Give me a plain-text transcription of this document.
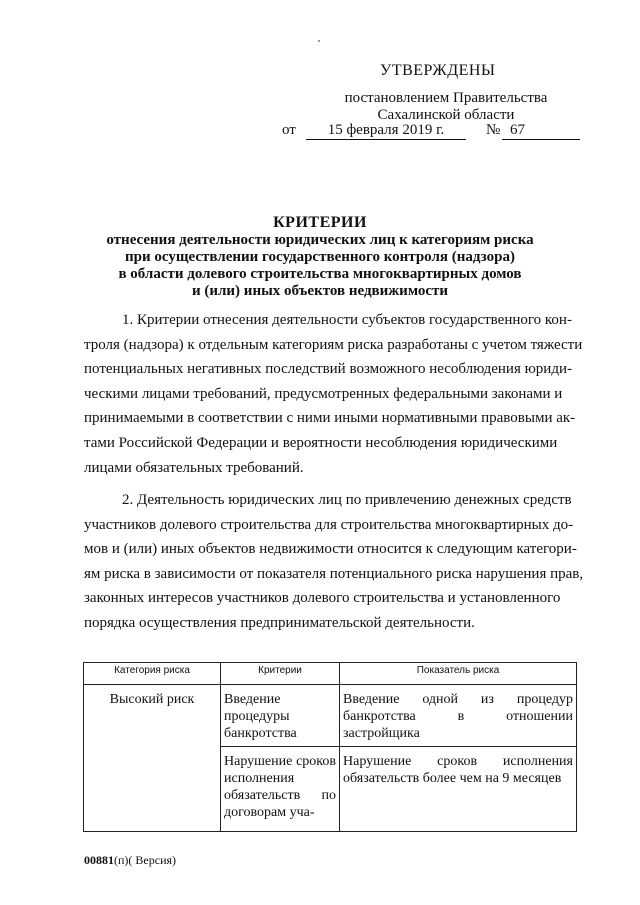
УТВЕРЖДЕНЫ
постановлением Правительства
Сахалинской области
от	15 февраля 2019 г.	№ 67
КРИТЕРИИ
отнесения деятельности юридических лиц к категориям риска
при осуществлении государственного контроля (надзора)
в области долевого строительства многоквартирных домов
и (или) иных объектов недвижимости
1. Критерии отнесения деятельности субъектов государственного кон-
троля (надзора) к отдельным категориям риска разработаны с учетом тяжести
потенциальных негативных последствий возможного несоблюдения юриди-
ческими лицами требований, предусмотренных федеральными законами и
принимаемыми в соответствии с ними иными нормативными правовыми ак-
тами Российской Федерации и вероятности несоблюдения юридическими
лицами обязательных требований.
2. Деятельность юридических лиц по привлечению денежных средств
участников долевого строительства для строительства многоквартирных до-
мов и (или) иных объектов недвижимости относится к следующим категори-
ям риска в зависимости от показателя потенциального риска нарушения прав,
законных интересов участников долевого строительства и установленного
порядка осуществления предпринимательской деятельности.
Категория риска	Критерии	Показатель риска
Высокий риск	Введение процедуры банкротства	Введение одной из процедур банкротства в отношении застройщика
	Нарушение сроков исполнения обязательств по договорам уча-	Нарушение сроков исполнения обязательств более чем на 9 месяцев
00881(п)( Версия)
